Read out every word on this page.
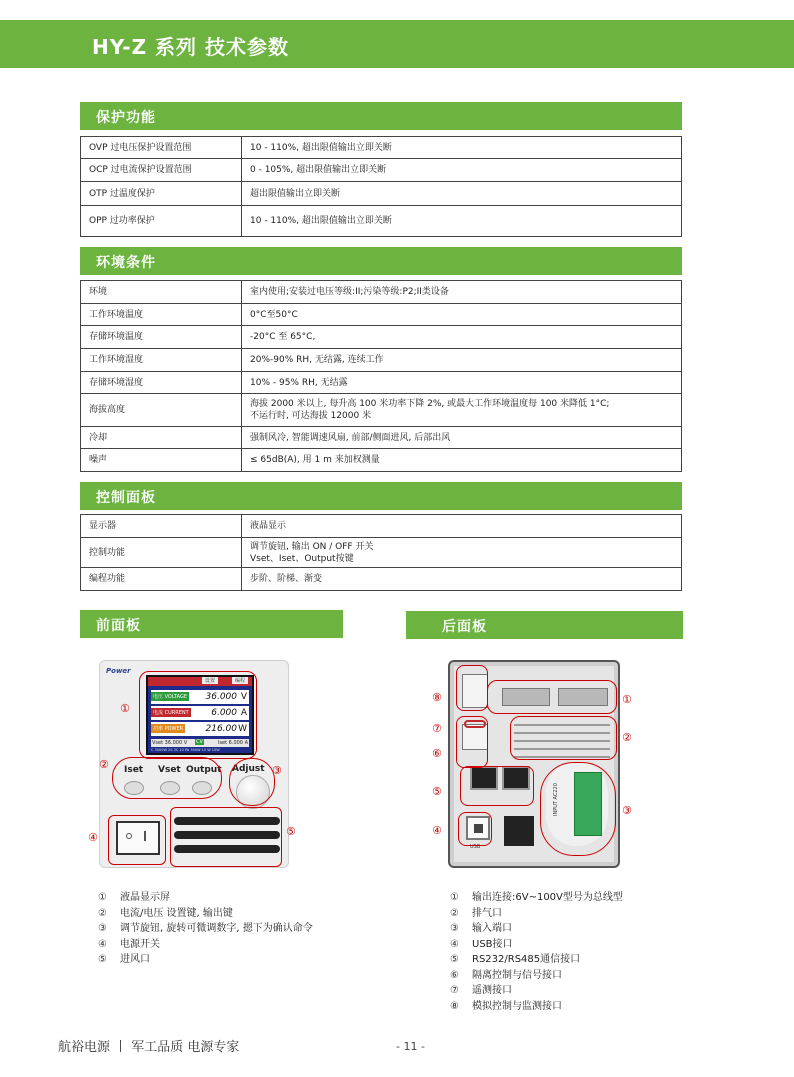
HY-Z 系列 技术参数
保护功能
OVP 过电压保护设置范围	10 - 110%, 超出限值输出立即关断
OCP 过电流保护设置范围	0 - 105%, 超出限值输出立即关断
OTP 过温度保护	超出限值输出立即关断
OPP 过功率保护	10 - 110%, 超出限值输出立即关断
环境条件
环境	室内使用;安装过电压等级:II;污染等级:P2;II类设备
工作环境温度	0°C至50°C
存储环境温度	-20°C 至 65°C,
工作环境湿度	20%-90% RH, 无结露, 连续工作
存储环境湿度	10% - 95% RH, 无结露
海拔高度	海拔 2000 米以上, 每升高 100 米功率下降 2%, 或最大工作环境温度每 100 米降低 1°C;
不运行时, 可达海拔 12000 米

冷却	强制风冷, 智能调速风扇, 前部/侧面进风, 后部出风
噪声	≤ 65dB(A), 用 1 m 来加权测量
控制面板
显示器	液晶显示
控制功能	调节旋钮, 输出 ON / OFF 开关
Vset、Iset、Output按键

编程功能	步阶、阶梯、渐变
前面板	后面板
Power
设置	编程
电压 VOLTAGE 36.000 V
电流 CURRENT	6.000 A
功率 POWER 216.00 W
Vset 36.000 V CV	Iset 6.000 A
C 3000W 2S 3C 10 Pb 300W 10 W 10W
Iset Vset Output Adjust
①
②	③
④	⑤
INPUT AC220
USB
⑧
⑦
⑥
⑤
④
①
②
③
① 液晶显示屏
② 电流/电压 设置键, 输出键
③ 调节旋钮, 旋转可微调数字, 摁下为确认命令
④ 电源开关
⑤ 进风口
① 输出连接:6V~100V型号为总线型
② 排气口
③ 输入端口
④ USB接口
⑤ RS232/RS485通信接口
⑥ 隔离控制与信号接口
⑦ 遥测接口
⑧ 模拟控制与监测接口
航裕电源 丨 军工品质 电源专家	- 11 -
